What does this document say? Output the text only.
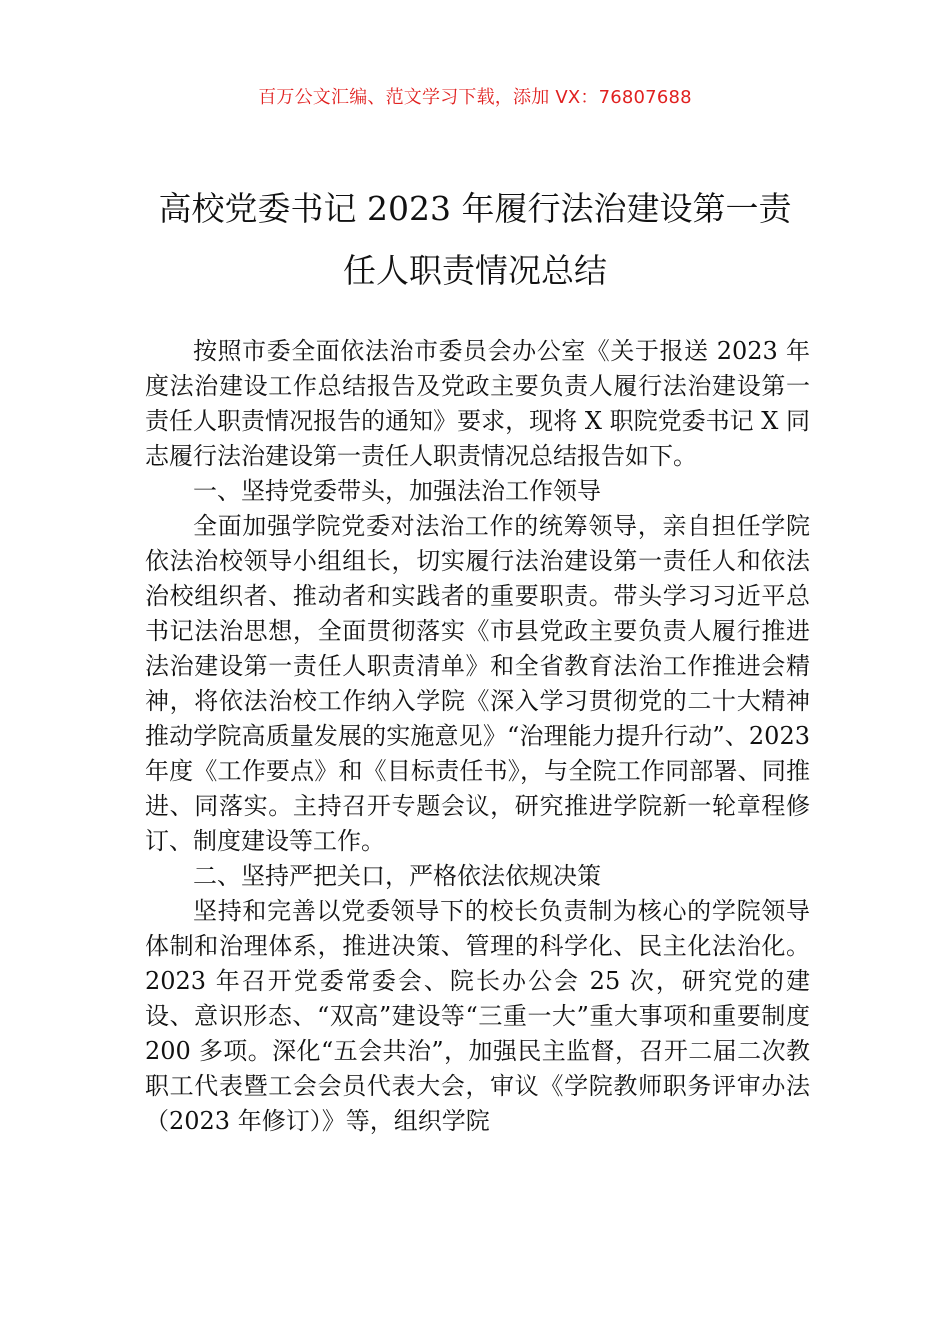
百万公文汇编、范文学习下载，添加 VX：76807688
高校党委书记 2023 年履行法治建设第一责
任人职责情况总结

按照市委全面依法治市委员会办公室《关于报送 2023 年度法治建设工作总结报告及党政主要负责人履行法治建设第一责任人职责情况报告的通知》要求，现将 X 职院党委书记 X 同志履行法治建设第一责任人职责情况总结报告如下。

一、坚持党委带头，加强法治工作领导

全面加强学院党委对法治工作的统筹领导，亲自担任学院依法治校领导小组组长，切实履行法治建设第一责任人和依法治校组织者、推动者和实践者的重要职责。带头学习习近平总书记法治思想，全面贯彻落实《市县党政主要负责人履行推进法治建设第一责任人职责清单》和全省教育法治工作推进会精神，将依法治校工作纳入学院《深入学习贯彻党的二十大精神推动学院高质量发展的实施意见》“治理能力提升行动”、2023 年度《工作要点》和《目标责任书》，与全院工作同部署、同推进、同落实。主持召开专题会议，研究推进学院新一轮章程修订、制度建设等工作。

二、坚持严把关口，严格依法依规决策

坚持和完善以党委领导下的校长负责制为核心的学院领导体制和治理体系，推进决策、管理的科学化、民主化法治化。2023 年召开党委常委会、院长办公会 25 次，研究党的建设、意识形态、“双高”建设等“三重一大”重大事项和重要制度 200 多项。深化“五会共治”，加强民主监督，召开二届二次教职工代表暨工会会员代表大会，审议《学院教师职务评审办法（2023 年修订）》等，组织学院
